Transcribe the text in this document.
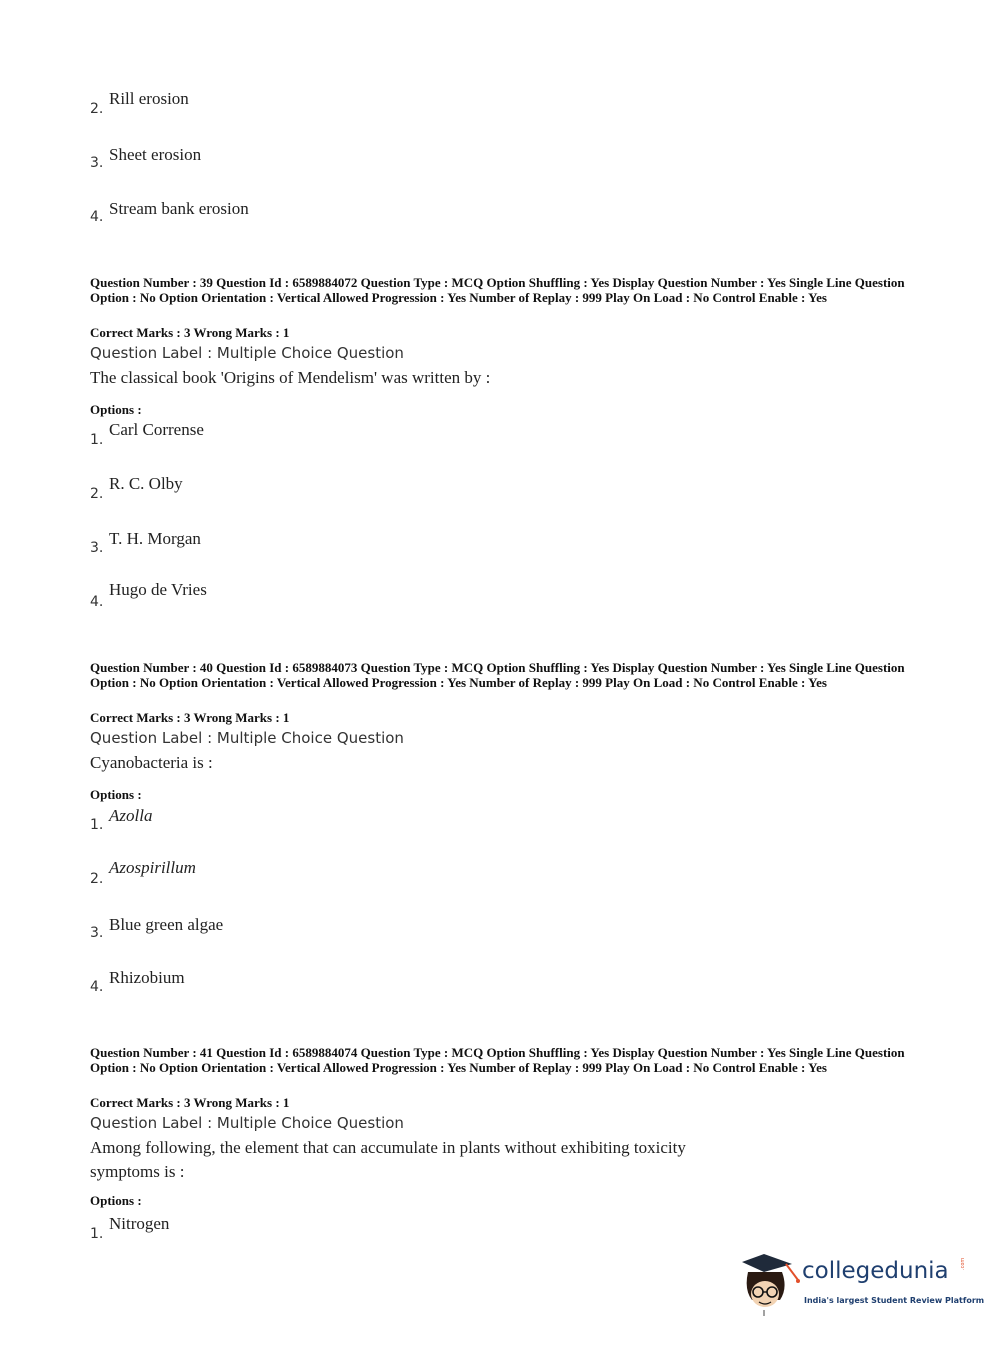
2.
Rill erosion
3. Sheet erosion
4. Stream bank erosion
Question Number : 39 Question Id : 6589884072 Question Type : MCQ Option Shuffling : Yes Display Question Number : Yes Single Line Question Option : No Option Orientation : Vertical Allowed Progression : Yes Number of Replay : 999 Play On Load : No Control Enable : Yes
Correct Marks : 3 Wrong Marks : 1
Question Label : Multiple Choice Question
The classical book 'Origins of Mendelism' was written by :
Options :
1.
Carl Corrense
2.
R. C. Olby
3. T. H. Morgan
4.
Hugo de Vries
Question Number : 40 Question Id : 6589884073 Question Type : MCQ Option Shuffling : Yes Display Question Number : Yes Single Line Question Option : No Option Orientation : Vertical Allowed Progression : Yes Number of Replay : 999 Play On Load : No Control Enable : Yes
Correct Marks : 3 Wrong Marks : 1
Question Label : Multiple Choice Question
Cyanobacteria is :
Options :
1. Azolla
2.
Azospirillum
3. Blue green algae
4. Rhizobium
Question Number : 41 Question Id : 6589884074 Question Type : MCQ Option Shuffling : Yes Display Question Number : Yes Single Line Question Option : No Option Orientation : Vertical Allowed Progression : Yes Number of Replay : 999 Play On Load : No Control Enable : Yes
Correct Marks : 3 Wrong Marks : 1
Question Label : Multiple Choice Question
Among following, the element that can accumulate in plants without exhibiting toxicity symptoms is :
Options :
1.
Nitrogen
collegedunia .com
India's largest Student Review Platform
